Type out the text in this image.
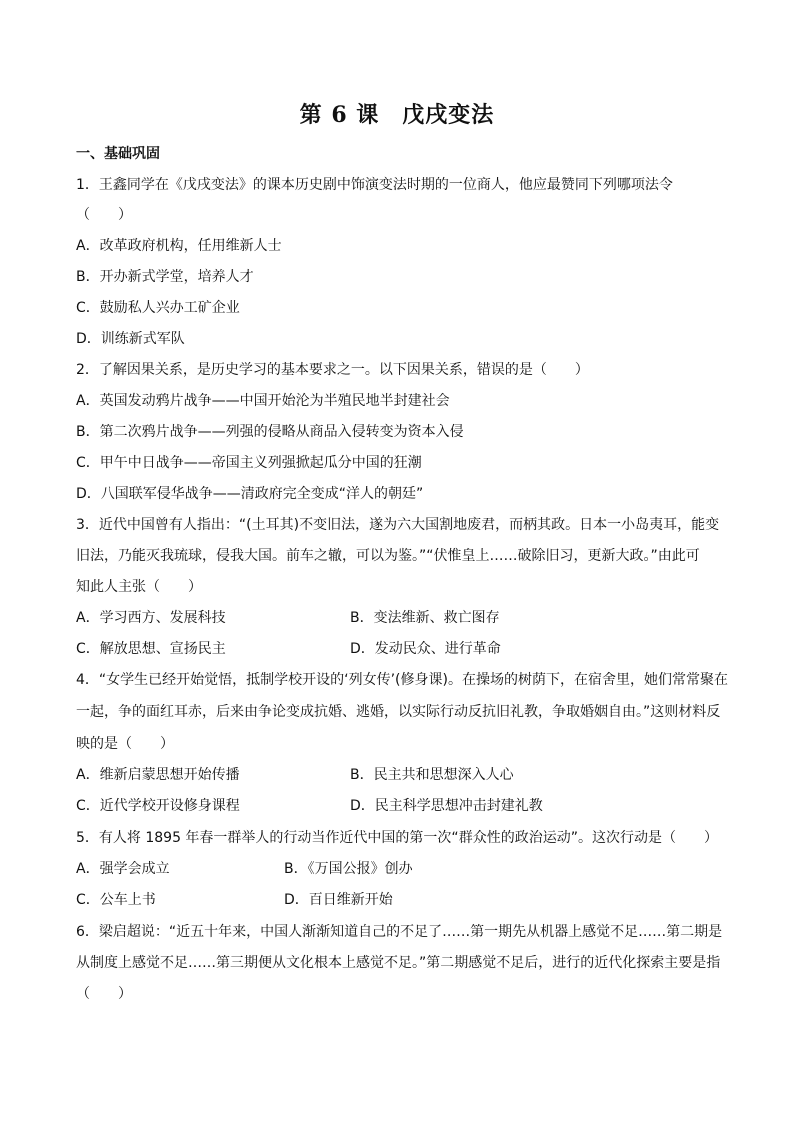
第 6 课　戊戌变法
一、基础巩固
1．王鑫同学在《戊戌变法》的课本历史剧中饰演变法时期的一位商人，他应最赞同下列哪项法令
（　　）
A．改革政府机构，任用维新人士
B．开办新式学堂，培养人才
C．鼓励私人兴办工矿企业
D．训练新式军队
2．了解因果关系，是历史学习的基本要求之一。以下因果关系，错误的是（　　）
A．英国发动鸦片战争——中国开始沦为半殖民地半封建社会
B．第二次鸦片战争——列强的侵略从商品入侵转变为资本入侵
C．甲午中日战争——帝国主义列强掀起瓜分中国的狂潮
D．八国联军侵华战争——清政府完全变成“洋人的朝廷”
3．近代中国曾有人指出：“(土耳其)不变旧法，遂为六大国割地废君，而柄其政。日本一小岛夷耳，能变
旧法，乃能灭我琉球，侵我大国。前车之辙，可以为鉴。”“伏惟皇上……破除旧习，更新大政。”由此可
知此人主张（　　）
A．学习西方、发展科技	B．变法维新、救亡图存
C．解放思想、宣扬民主	D．发动民众、进行革命
4．“女学生已经开始觉悟，抵制学校开设的‘列女传’(修身课)。在操场的树荫下，在宿舍里，她们常常聚在
一起，争的面红耳赤，后来由争论变成抗婚、逃婚，以实际行动反抗旧礼教，争取婚姻自由。”这则材料反
映的是（　　）
A．维新启蒙思想开始传播	B．民主共和思想深入人心
C．近代学校开设修身课程	D．民主科学思想冲击封建礼教
5．有人将 1895 年春一群举人的行动当作近代中国的第一次“群众性的政治运动”。这次行动是（　　）
A．强学会成立	B．《万国公报》创办
C．公车上书	D．百日维新开始
6．梁启超说：“近五十年来，中国人渐渐知道自己的不足了……第一期先从机器上感觉不足……第二期是
从制度上感觉不足……第三期便从文化根本上感觉不足。”第二期感觉不足后，进行的近代化探索主要是指
（　　）
